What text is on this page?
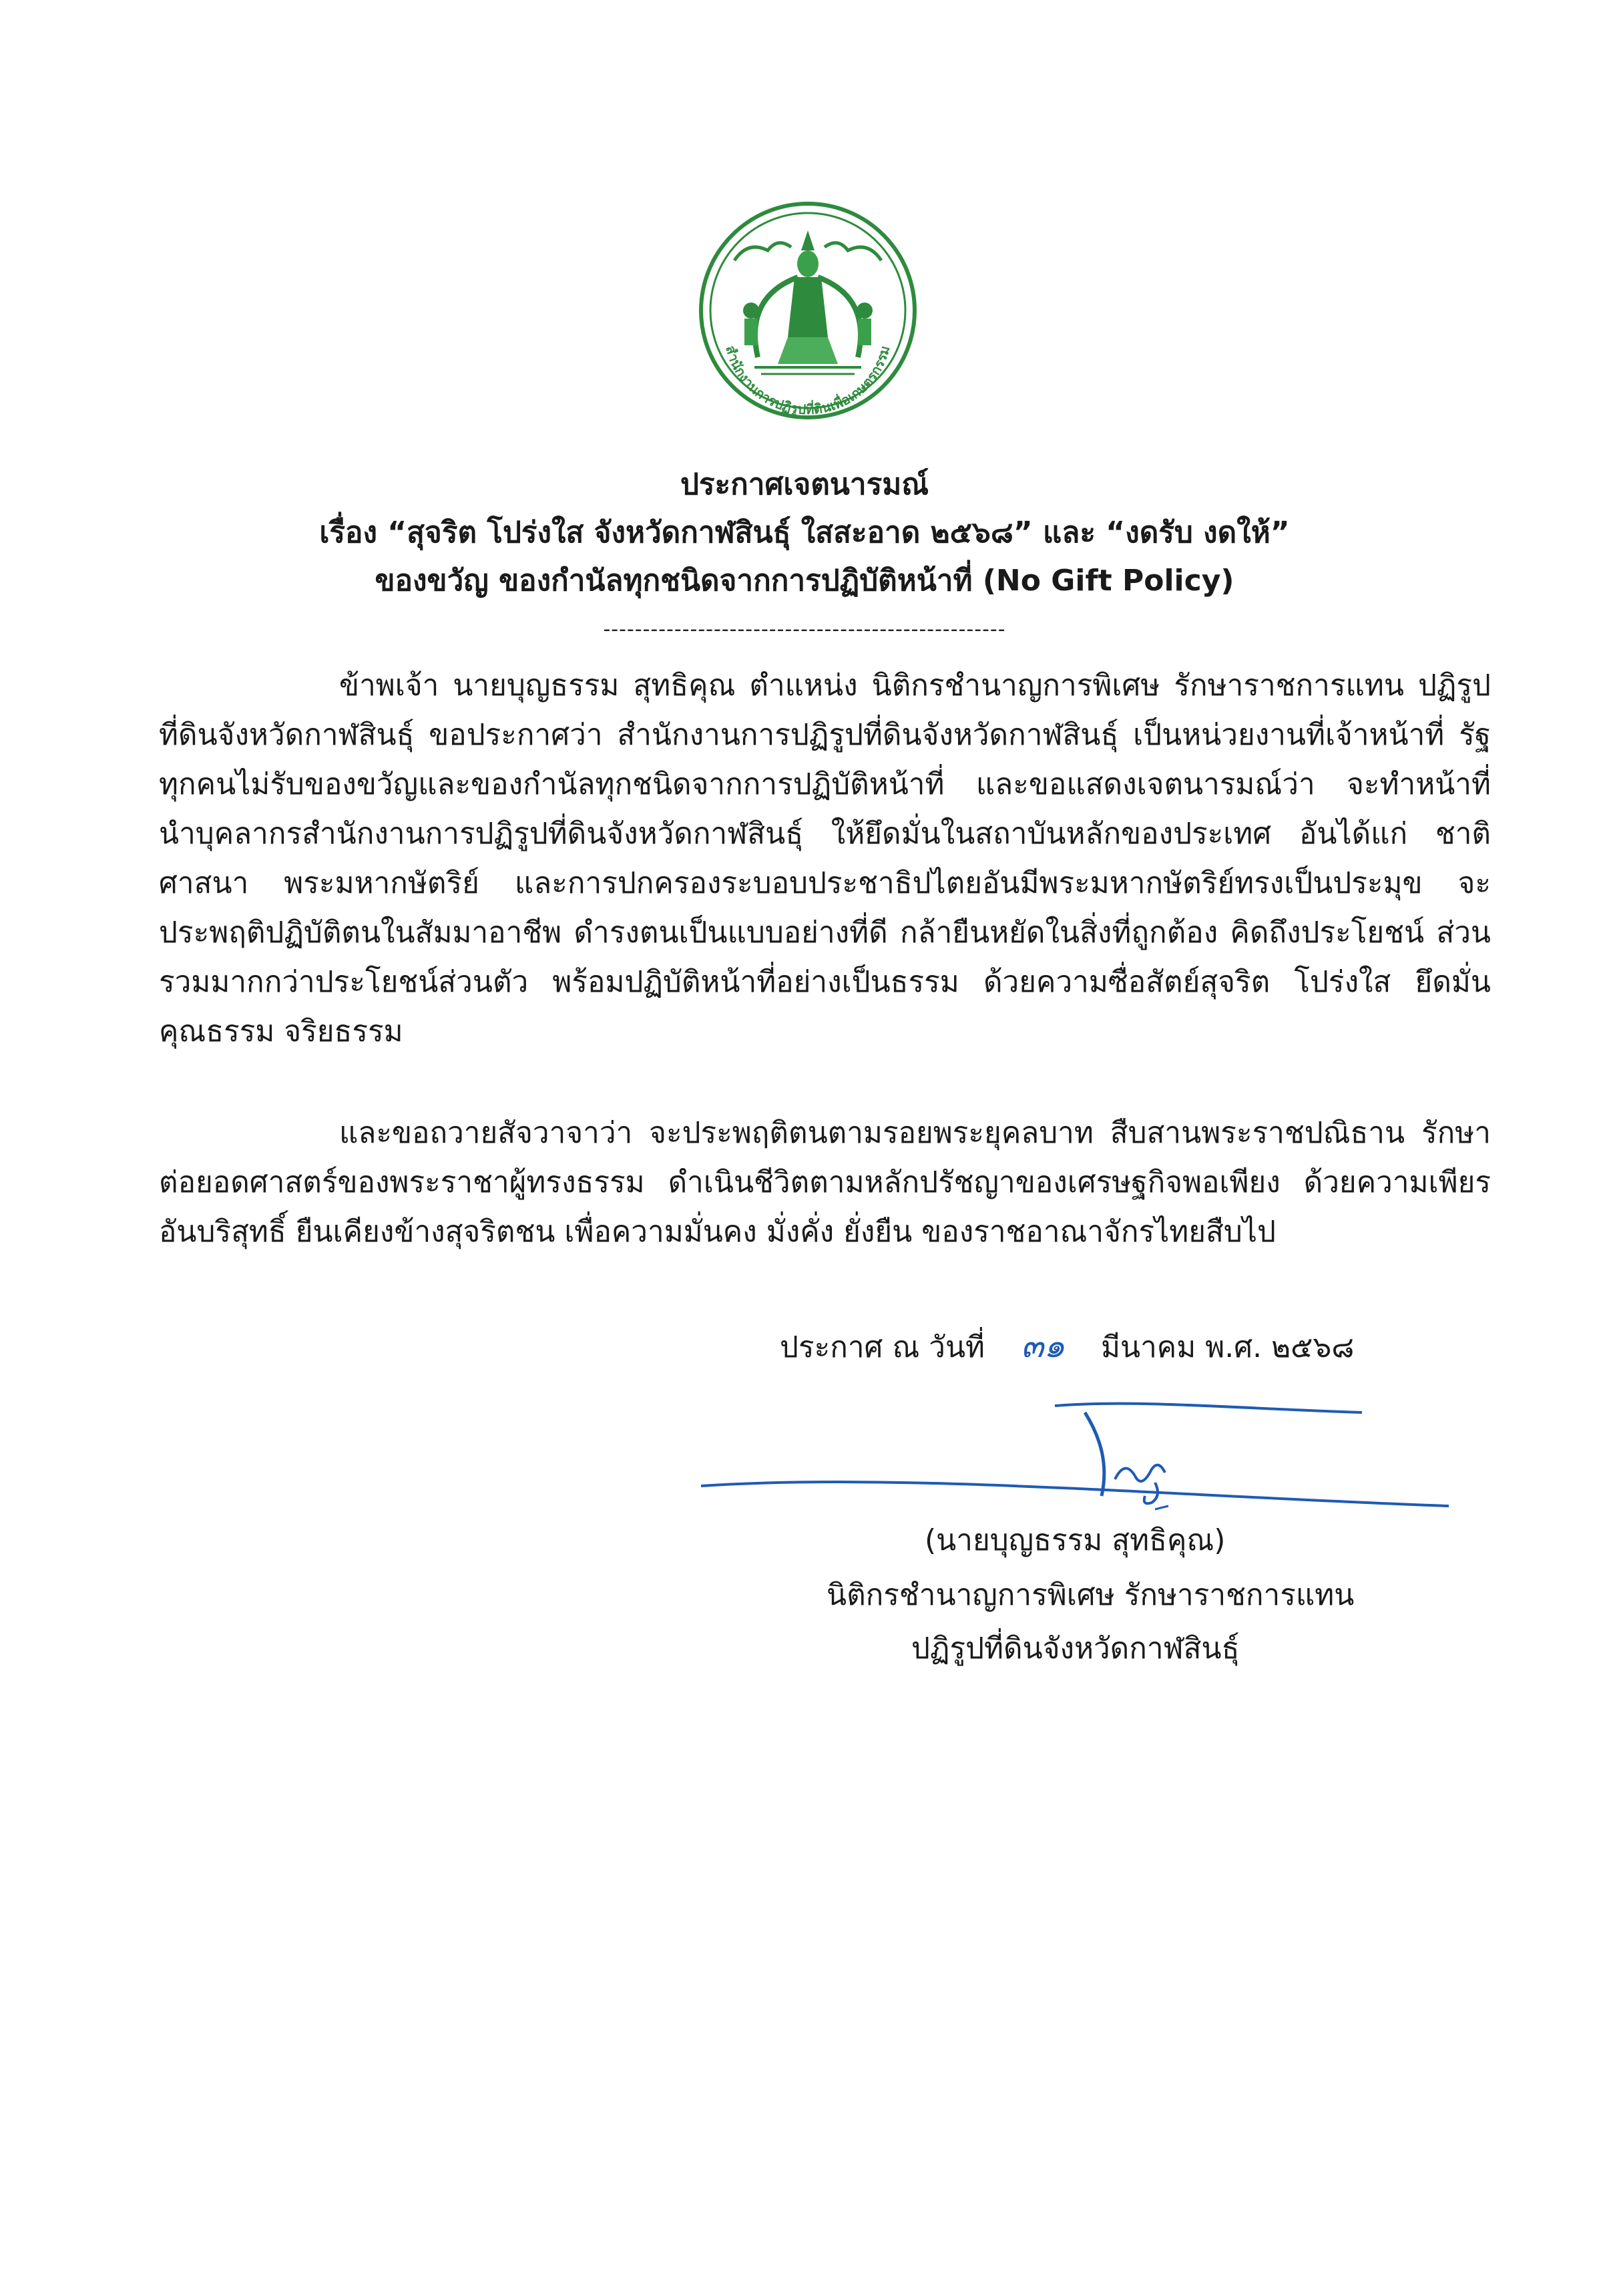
สำนักงานการปฏิรูปที่ดินเพื่อเกษตรกรรม
ประกาศเจตนารมณ์
เรื่อง “สุจริต โปร่งใส จังหวัดกาฬสินธุ์ ใสสะอาด ๒๕๖๘” และ “งดรับ งดให้”
ของขวัญ ของกำนัลทุกชนิดจากการปฏิบัติหน้าที่ (No Gift Policy)
---------------------------------------------------
ข้าพเจ้า นายบุญธรรม สุทธิคุณ ตำแหน่ง นิติกรชำนาญการพิเศษ รักษาราชการแทน ปฏิรูปที่ดินจังหวัดกาฬสินธุ์ ขอประกาศว่า สำนักงานการปฏิรูปที่ดินจังหวัดกาฬสินธุ์ เป็นหน่วยงานที่เจ้าหน้าที่ รัฐทุกคนไม่รับของขวัญและของกำนัลทุกชนิดจากการปฏิบัติหน้าที่ และขอแสดงเจตนารมณ์ว่า จะทำหน้าที่ นำบุคลากรสำนักงานการปฏิรูปที่ดินจังหวัดกาฬสินธุ์ ให้ยึดมั่นในสถาบันหลักของประเทศ อันได้แก่ ชาติ ศาสนา พระมหากษัตริย์ และการปกครองระบอบประชาธิปไตยอันมีพระมหากษัตริย์ทรงเป็นประมุข จะประพฤติปฏิบัติตนในสัมมาอาชีพ ดำรงตนเป็นแบบอย่างที่ดี กล้ายืนหยัดในสิ่งที่ถูกต้อง คิดถึงประโยชน์ ส่วนรวมมากกว่าประโยชน์ส่วนตัว พร้อมปฏิบัติหน้าที่อย่างเป็นธรรม ด้วยความซื่อสัตย์สุจริต โปร่งใส ยึดมั่น คุณธรรม จริยธรรม
และขอถวายสัจวาจาว่า จะประพฤติตนตามรอยพระยุคลบาท สืบสานพระราชปณิธาน รักษา ต่อยอดศาสตร์ของพระราชาผู้ทรงธรรม ดำเนินชีวิตตามหลักปรัชญาของเศรษฐกิจพอเพียง ด้วยความเพียร อันบริสุทธิ์ ยืนเคียงข้างสุจริตชน เพื่อความมั่นคง มั่งคั่ง ยั่งยืน ของราชอาณาจักรไทยสืบไป
ประกาศ ณ วันที่ ๓๑ มีนาคม พ.ศ. ๒๕๖๘
(นายบุญธรรม สุทธิคุณ)
นิติกรชำนาญการพิเศษ รักษาราชการแทน
ปฏิรูปที่ดินจังหวัดกาฬสินธุ์
